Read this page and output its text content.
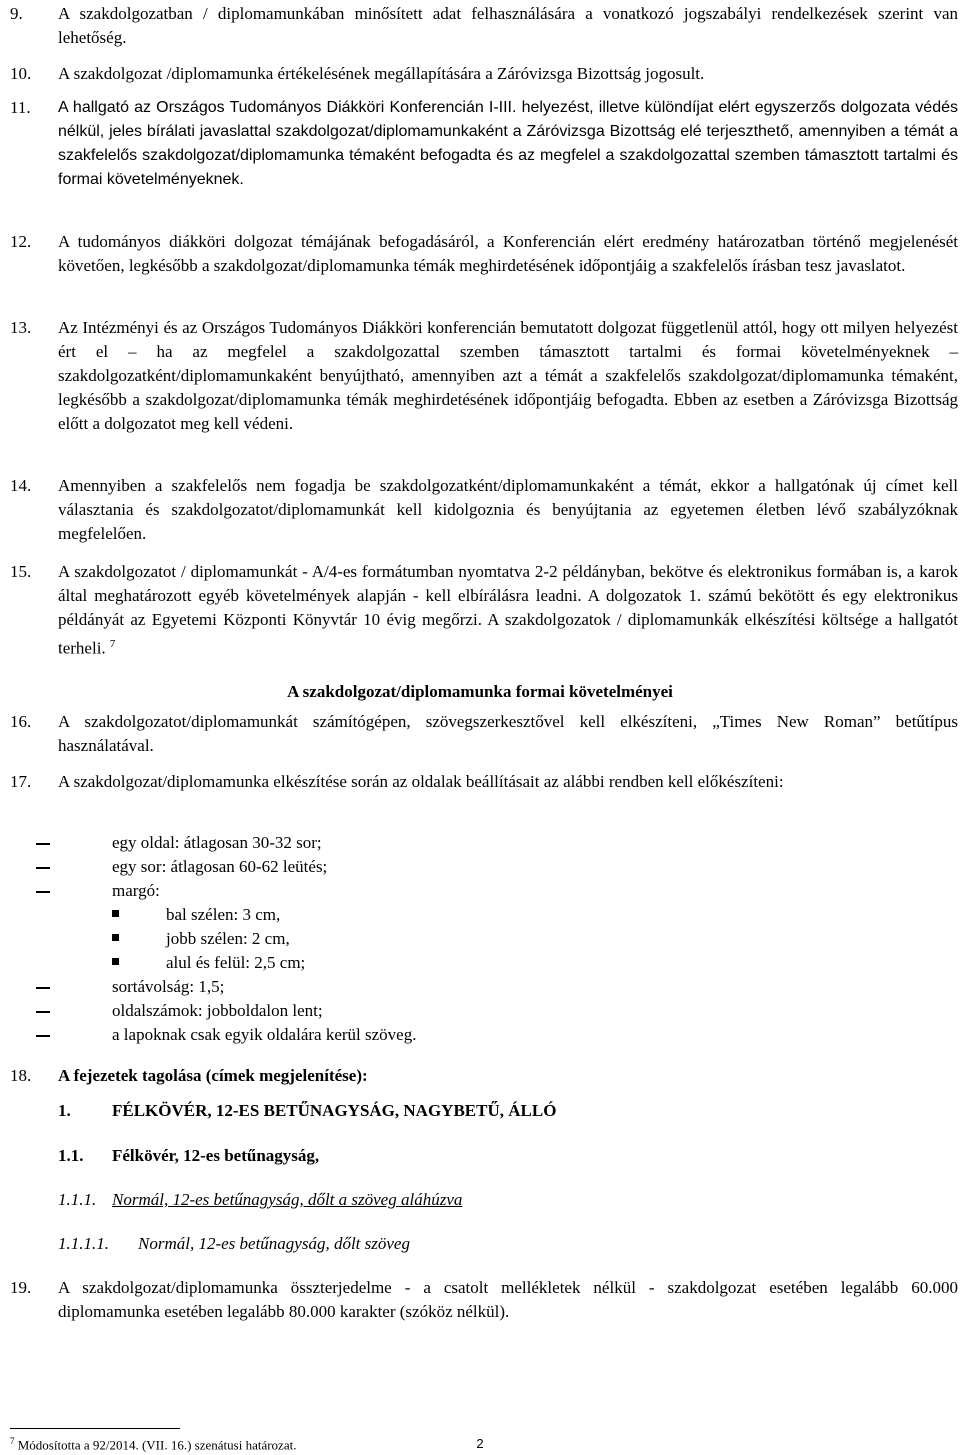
9. A szakdolgozatban / diplomamunkában minősített adat felhasználására a vonatkozó jogszabályi rendelkezések szerint van lehetőség.
10. A szakdolgozat /diplomamunka értékelésének megállapítására a Záróvizsga Bizottság jogosult.
11. A hallgató az Országos Tudományos Diákköri Konferencián I-III. helyezést, illetve különdíjat elért egyszerzős dolgozata védés nélkül, jeles bírálati javaslattal szakdolgozat/diplomamunkaként a Záróvizsga Bizottság elé terjeszthető, amennyiben a témát a szakfelelős szakdolgozat/diplomamunka témaként befogadta és az megfelel a szakdolgozattal szemben támasztott tartalmi és formai követelményeknek.
12. A tudományos diákköri dolgozat témájának befogadásáról, a Konferencián elért eredmény határozatban történő megjelenését követően, legkésőbb a szakdolgozat/diplomamunka témák meghirdetésének időpontjáig a szakfelelős írásban tesz javaslatot.
13. Az Intézményi és az Országos Tudományos Diákköri konferencián bemutatott dolgozat függetlenül attól, hogy ott milyen helyezést ért el – ha az megfelel a szakdolgozattal szemben támasztott tartalmi és formai követelményeknek – szakdolgozatként/diplomamunkaként benyújtható, amennyiben azt a témát a szakfelelős szakdolgozat/diplomamunka témaként, legkésőbb a szakdolgozat/diplomamunka témák meghirdetésének időpontjáig befogadta. Ebben az esetben a Záróvizsga Bizottság előtt a dolgozatot meg kell védeni.
14. Amennyiben a szakfelelős nem fogadja be szakdolgozatként/diplomamunkaként a témát, ekkor a hallgatónak új címet kell választania és szakdolgozatot/diplomamunkát kell kidolgoznia és benyújtania az egyetemen életben lévő szabályzóknak megfelelően.
15. A szakdolgozatot / diplomamunkát - A/4-es formátumban nyomtatva 2-2 példányban, bekötve és elektronikus formában is, a karok által meghatározott egyéb követelmények alapján - kell elbírálásra leadni. A dolgozatok 1. számú bekötött és egy elektronikus példányát az Egyetemi Központi Könyvtár 10 évig megőrzi. A szakdolgozatok / diplomamunkák elkészítési költsége a hallgatót terheli. $^7$
A szakdolgozat/diplomamunka formai követelményei
16. A szakdolgozatot/diplomamunkát számítógépen, szövegszerkesztővel kell elkészíteni, „Times New Roman” betűtípus használatával.
17. A szakdolgozat/diplomamunka elkészítése során az oldalak beállításait az alábbi rendben kell előkészíteni:
egy oldal: átlagosan 30-32 sor;
egy sor: átlagosan 60-62 leütés;
margó:
bal szélen: 3 cm,
jobb szélen: 2 cm,
alul és felül: 2,5 cm;
sortávolság: 1,5;
oldalszámok: jobboldalon lent;
a lapoknak csak egyik oldalára kerül szöveg.
18. A fejezetek tagolása (címek megjelenítése):
1. FÉLKÖVÉR, 12-ES BETŰNAGYSÁG, NAGYBETŰ, ÁLLÓ
1.1. Félkövér, 12-es betűnagyság,
1.1.1. Normál, 12-es betűnagyság, dőlt a szöveg aláhúzva
1.1.1.1. Normál, 12-es betűnagyság, dőlt szöveg
19. A szakdolgozat/diplomamunka összterjedelme - a csatolt mellékletek nélkül - szakdolgozat esetében legalább 60.000 diplomamunka esetében legalább 80.000 karakter (szóköz nélkül).
$^7$ Módosította a 92/2014. (VII. 16.) szenátusi határozat.	2
